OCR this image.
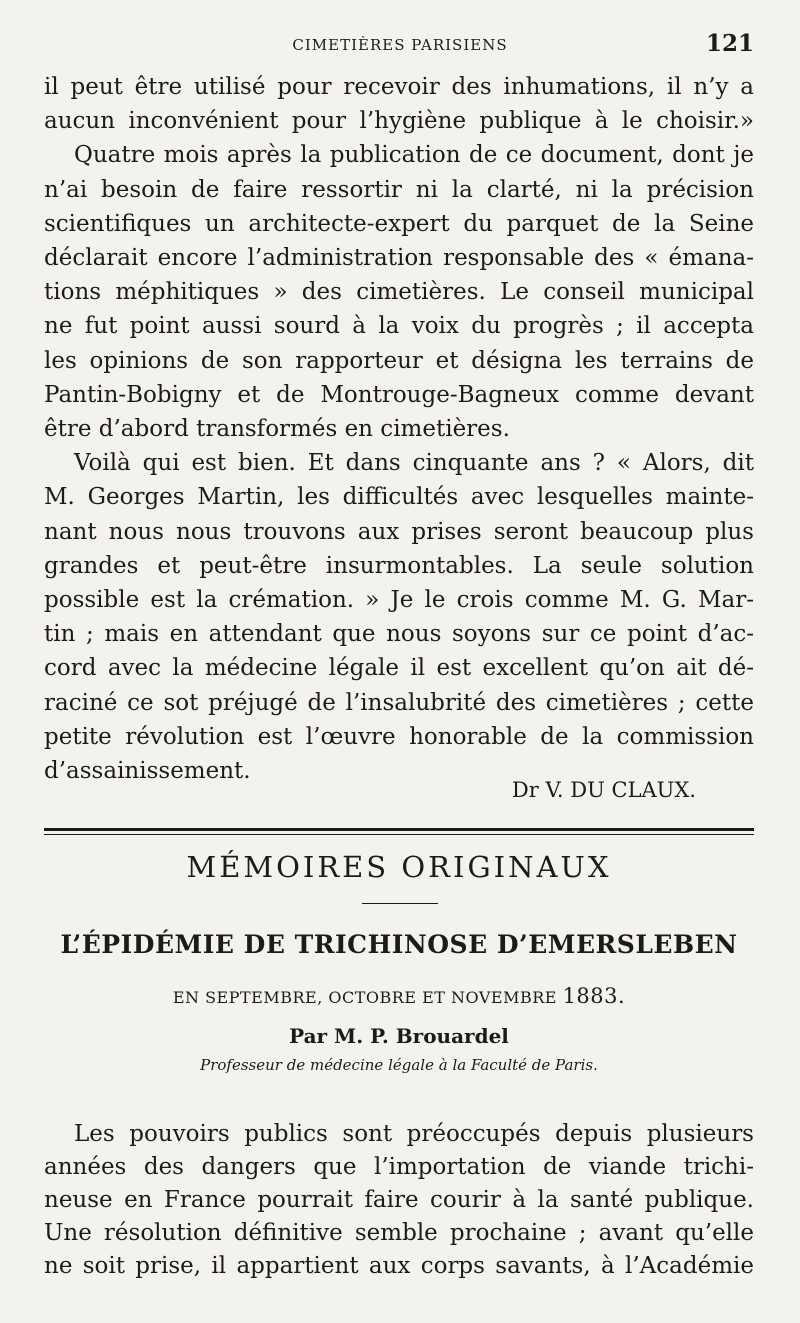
CIMETIÈRES PARISIENS	121
il peut être utilisé pour recevoir des inhumations, il n’y a
aucun inconvénient pour l’hygiène publique à le choisir.»
Quatre mois après la publication de ce document, dont je
n’ai besoin de faire ressortir ni la clarté, ni la précision
scientifiques un architecte-expert du parquet de la Seine
déclarait encore l’administration responsable des « émana-
tions méphitiques » des cimetières. Le conseil municipal
ne fut point aussi sourd à la voix du progrès ; il accepta
les opinions de son rapporteur et désigna les terrains de
Pantin-Bobigny et de Montrouge-Bagneux comme devant
être d’abord transformés en cimetières.
Voilà qui est bien. Et dans cinquante ans ? « Alors, dit
M. Georges Martin, les difficultés avec lesquelles mainte-
nant nous nous trouvons aux prises seront beaucoup plus
grandes et peut-être insurmontables. La seule solution
possible est la crémation. » Je le crois comme M. G. Mar-
tin ; mais en attendant que nous soyons sur ce point d’ac-
cord avec la médecine légale il est excellent qu’on ait dé-
raciné ce sot préjugé de l’insalubrité des cimetières ; cette
petite révolution est l’œuvre honorable de la commission
d’assainissement.
Dr V. DU CLAUX.
MÉMOIRES ORIGINAUX
L’ÉPIDÉMIE DE TRICHINOSE D’EMERSLEBEN
EN SEPTEMBRE, OCTOBRE ET NOVEMBRE 1883.
Par M. P. Brouardel
Professeur de médecine légale à la Faculté de Paris.
Les pouvoirs publics sont préoccupés depuis plusieurs
années des dangers que l’importation de viande trichi-
neuse en France pourrait faire courir à la santé publique.
Une résolution définitive semble prochaine ; avant qu’elle
ne soit prise, il appartient aux corps savants, à l’Académie
